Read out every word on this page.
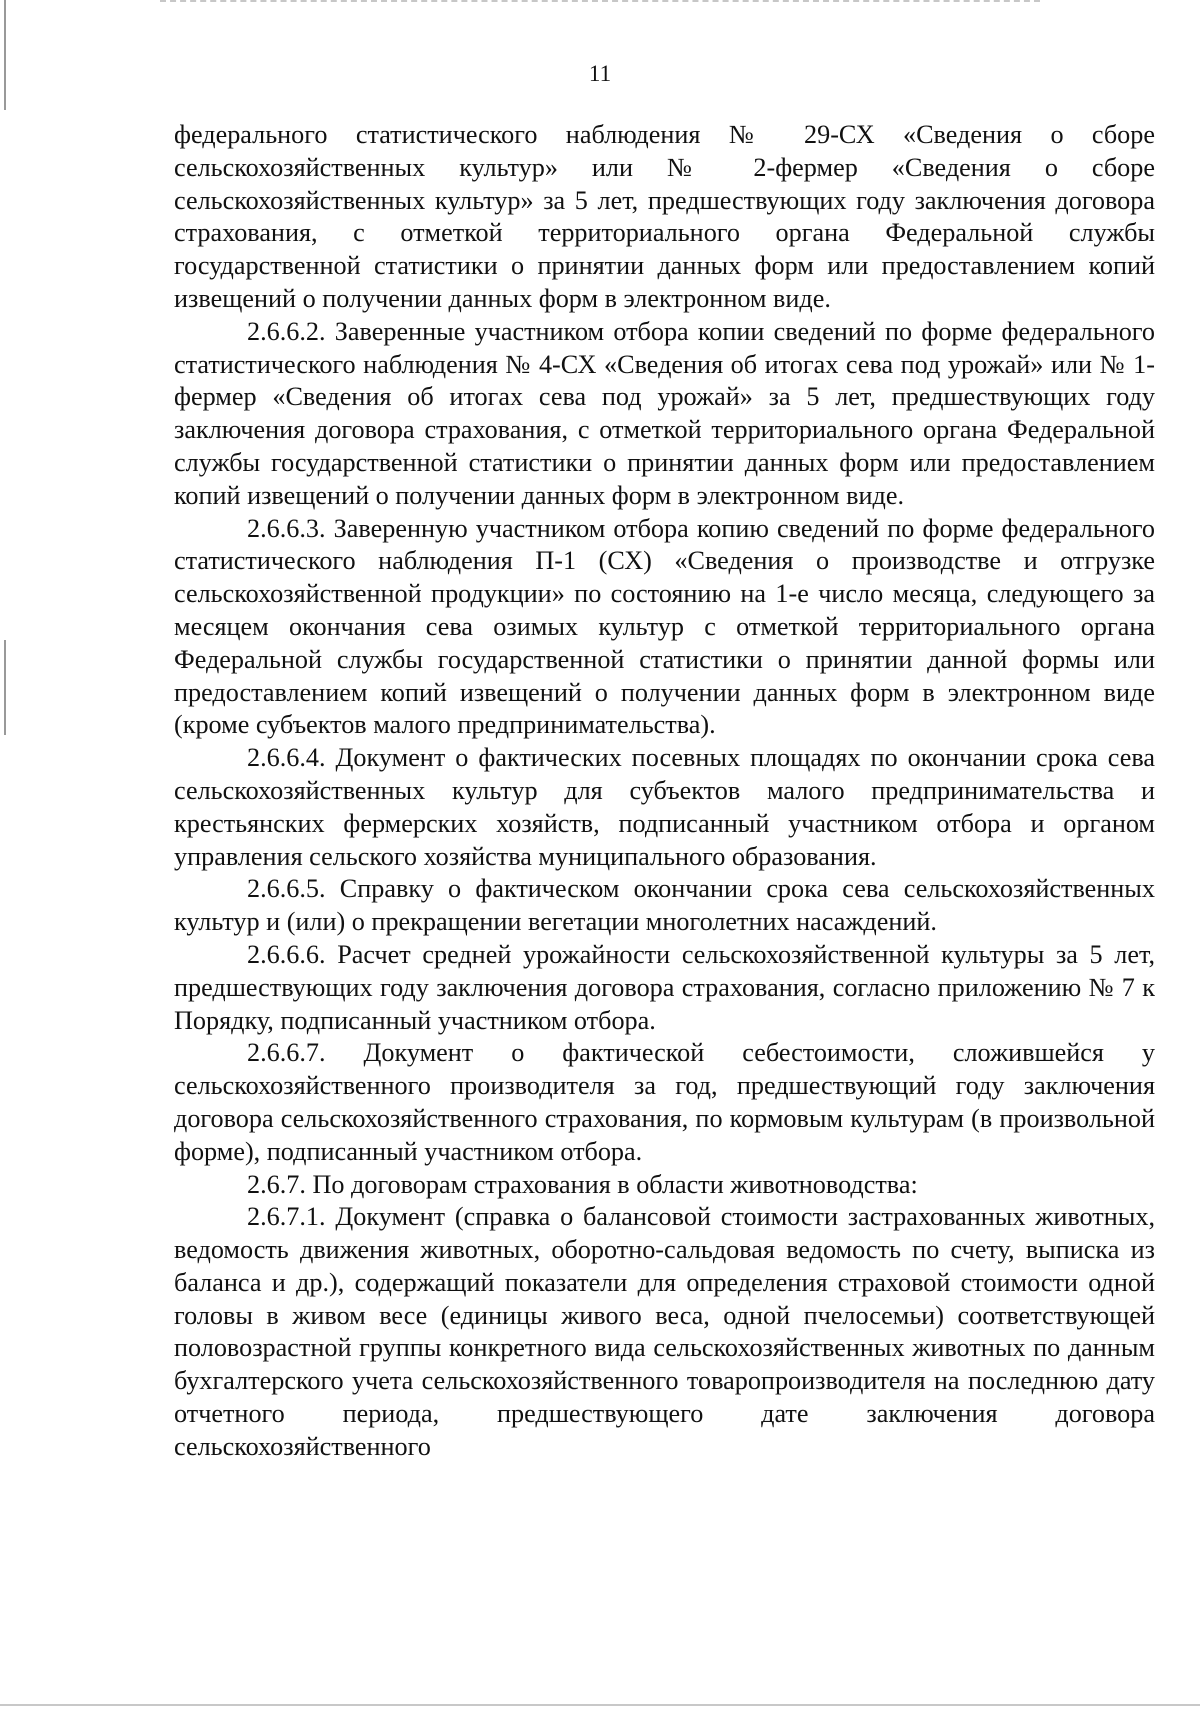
11

федерального статистического наблюдения № 29-СХ «Сведения о сборе сельскохозяйственных культур» или № 2-фермер «Сведения о сборе сельскохозяйственных культур» за 5 лет, предшествующих году заключения договора страхования, с отметкой территориального органа Федеральной службы государственной статистики о принятии данных форм или предоставлением копий извещений о получении данных форм в электронном виде.

2.6.6.2. Заверенные участником отбора копии сведений по форме федерального статистического наблюдения № 4-СХ «Сведения об итогах сева под урожай» или № 1-фермер «Сведения об итогах сева под урожай» за 5 лет, предшествующих году заключения договора страхования, с отметкой территориального органа Федеральной службы государственной статистики о принятии данных форм или предоставлением копий извещений о получении данных форм в электронном виде.

2.6.6.3. Заверенную участником отбора копию сведений по форме федерального статистического наблюдения П-1 (СХ) «Сведения о производстве и отгрузке сельскохозяйственной продукции» по состоянию на 1-е число месяца, следующего за месяцем окончания сева озимых культур с отметкой территориального органа Федеральной службы государственной статистики о принятии данной формы или предоставлением копий извещений о получении данных форм в электронном виде (кроме субъектов малого предпринимательства).

2.6.6.4. Документ о фактических посевных площадях по окончании срока сева сельскохозяйственных культур для субъектов малого предпринимательства и крестьянских фермерских хозяйств, подписанный участником отбора и органом управления сельского хозяйства муниципального образования.

2.6.6.5. Справку о фактическом окончании срока сева сельскохозяйственных культур и (или) о прекращении вегетации многолетних насаждений.

2.6.6.6. Расчет средней урожайности сельскохозяйственной культуры за 5 лет, предшествующих году заключения договора страхования, согласно приложению № 7 к Порядку, подписанный участником отбора.

2.6.6.7. Документ о фактической себестоимости, сложившейся у сельскохозяйственного производителя за год, предшествующий году заключения договора сельскохозяйственного страхования, по кормовым культурам (в произвольной форме), подписанный участником отбора.

2.6.7. По договорам страхования в области животноводства:

2.6.7.1. Документ (справка о балансовой стоимости застрахованных животных, ведомость движения животных, оборотно-сальдовая ведомость по счету, выписка из баланса и др.), содержащий показатели для определения страховой стоимости одной головы в живом весе (единицы живого веса, одной пчелосемьи) соответствующей половозрастной группы конкретного вида сельскохозяйственных животных по данным бухгалтерского учета сельскохозяйственного товаропроизводителя на последнюю дату отчетного периода, предшествующего дате заключения договора сельскохозяйственного
